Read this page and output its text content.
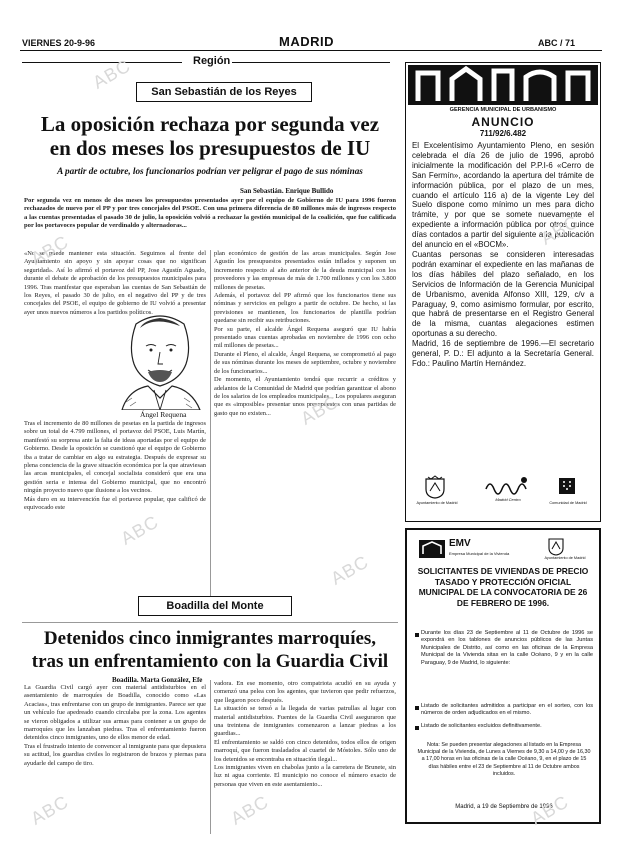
VIERNES 20-9-96	MADRID	ABC / 71
Región
San Sebastián de los Reyes
La oposición rechaza por segunda vez
en dos meses los presupuestos de IU
A partir de octubre, los funcionarios podrían ver peligrar el pago de sus nóminas
San Sebastián. Enrique Bullido
Por segunda vez en menos de dos meses los presupuestos presentados ayer por el equipo de Gobierno de IU para 1996 fueron rechazados de nuevo por el PP y por tres concejales del PSOE. Con una primera diferencia de 80 millones más de ingresos respecto a las cuentas presentadas el pasado 30 de julio, la oposición volvió a rechazar la gestión municipal de la coalición, que fue calificada por los portavoces popular de verdinaldo y alternadoras...
«No se puede mantener esta situación. Seguimos al frente del Ayuntamiento sin apoyo y sin apoyar cosas que no significan seguridad». Así lo afirmó el portavoz del PP, Jose Agustín Aguado, durante el debate de aprobación de los presupuestos municipales para 1996. Tras manifestar que esperaban las cuentas de San Sebastián de los Reyes, el pasado 30 de julio, en el negativo del PP y de tres concejales del PSOE, el equipo de gobierno de IU volvió a presentar ayer unos nuevos números a los partidos políticos.
Ángel Requena
Tras el incremento de 80 millones de pesetas en la partida de ingresos sobre un total de 4.799 millones, el portavoz del PSOE, Luis Martín, manifestó su sorpresa ante la falta de ideas aportadas por el equipo de Gobierno. Desde la oposición se cuestionó que el equipo de Gobierno iba a tratar de cambiar en algo su estrategia. Después de expresar su plena conciencia de la grave situación económica por la que atraviesan las arcas municipales, el concejal socialista consideró que era una gestión seria e intensa del Gobierno municipal, que no encontró ningún proyecto nuevo que ilusione a los vecinos.
Más duro en su intervención fue el portavoz popular, que calificó de equivocado este
plan económico de gestión de las arcas municipales. Según Jose Agustín los presupuestos presentados están inflados y suponen un incremento respecto al año anterior de la deuda municipal con los proveedores y las empresas de más de 1.700 millones y con los 3.800 millones de pesetas.
Además, el portavoz del PP afirmó que los funcionarios tiene sus nóminas y servicios en peligro a partir de octubre. De hecho, si las previsiones se mantienen, los funcionarios de plantilla podrían quedarse sin recibir sus retribuciones.
Por su parte, el alcalde Ángel Requena aseguró que IU había presentado unas cuentas aprobadas en noviembre de 1996 con ocho mil millones de pesetas...
Durante el Pleno, el alcalde, Ángel Requena, se comprometió al pago de sus nóminas durante los meses de septiembre, octubre y noviembre de los funcionarios...
De momento, el Ayuntamiento tendrá que recurrir a créditos y adelantos de la Comunidad de Madrid que podrían garantizar el abono de los salarios de los empleados municipales... Los populares aseguran que es «imposible» presentar unos presupuestos con unas partidas de gasto que no existen...
Boadilla del Monte
Detenidos cinco inmigrantes marroquíes,
tras un enfrentamiento con la Guardia Civil
Boadilla. Marta González, Efe
La Guardia Civil cargó ayer con material antidisturbios en el asentamiento de marroquíes de Boadilla, conocido como «Las Acacias», tras enfrentarse con un grupo de inmigrantes. Parece ser que un vehículo fue apedreado cuando circulaba por la zona. Los agentes se vieron obligados a utilizar sus armas para contener a un grupo de marroquíes que les lanzaban piedras. Tras el enfrentamiento fueron detenidos cinco inmigrantes, uno de ellos menor de edad.
Tras el frustrado intento de convencer al inmigrante para que depusiera su actitud, los guardias civiles lo registraron de brazos y piernas para ayudarle del campo de tiro.
vadora. En ese momento, otro compatriota acudió en su ayuda y comenzó una pelea con los agentes, que tuvieron que pedir refuerzos, que llegaron poco después.
La situación se tensó a la llegada de varias patrullas al lugar con material antidisturbios. Fuentes de la Guardia Civil aseguraron que una treintena de inmigrantes comenzaron a lanzar piedras a los guardias...
El enfrentamiento se saldó con cinco detenidos, todos ellos de origen marroquí, que fueron trasladados al cuartel de Móstoles. Sólo uno de los detenidos se encontraba en situación ilegal...
Los inmigrantes viven en chabolas junto a la carretera de Brunete, sin luz ni agua corriente. El municipio no conoce el número exacto de personas que viven en este asentamiento...
GERENCIA MUNICIPAL DE URBANISMO
ANUNCIO
711/92/6.482
El Excelentísimo Ayuntamiento Pleno, en sesión celebrada el día 26 de julio de 1996, aprobó inicialmente la modificación del P.P.I-6 «Cerro de San Fermín», acordando la apertura del trámite de información pública, por el plazo de un mes, cuando el artículo 116 a) de la vigente Ley del Suelo dispone como mínimo un mes para dicho trámite, y por que se somete nuevamente el expediente a información pública por otros quince días contados a partir del siguiente a la publicación del anuncio en el «BOCM».
Cuantas personas se consideren interesadas podrán examinar el expediente en las mañanas de los días hábiles del plazo señalado, en los Servicios de Información de la Gerencia Municipal de Urbanismo, avenida Alfonso XIII, 129, c/v a Paraguay, 9, como asimismo formular, por escrito, que habrá de presentarse en el Registro General de la misma, cuantas alegaciones estimen oportunas a su derecho.
Madrid, 16 de septiembre de 1996.—El secretario general, P. D.: El adjunto a la Secretaría General. Fdo.: Paulino Martín Hernández.
Ayuntamiento de Madrid
Madrid Centro
Comunidad de Madrid
EMV
Empresa Municipal de la Vivienda
Ayuntamiento de Madrid
SOLICITANTES DE VIVIENDAS DE PRECIO TASADO Y PROTECCIÓN OFICIAL MUNICIPAL DE LA CONVOCATORIA DE 26 DE FEBRERO DE 1996.
Durante los días 23 de Septiembre al 11 de Octubre de 1996 se expondrá en los tablones de anuncios públicos de las Juntas Municipales de Distrito, así como en las oficinas de la Empresa Municipal de la Vivienda sitas en la calle Océano, 9 y en la calle Paraguay, 9 de Madrid, lo siguiente:
Listado de solicitantes admitidos a participar en el sorteo, con los números de orden adjudicados en el mismo.
Listado de solicitantes excluidos definitivamente.
Nota: Se pueden presentar alegaciones al listado en la Empresa Municipal de la Vivienda, de Lunes a Viernes de 9,30 a 14,00 y de 16,30 a 17,00 horas en las oficinas de la calle Océano, 9, en el plazo de 15 días hábiles entre el 23 de Septiembre al 11 de Octubre ambos incluidos.
Madrid, a 19 de Septiembre de 1996
ABC
ABC
ABC
ABC
ABC
ABC	ABC
ABC
ABC
